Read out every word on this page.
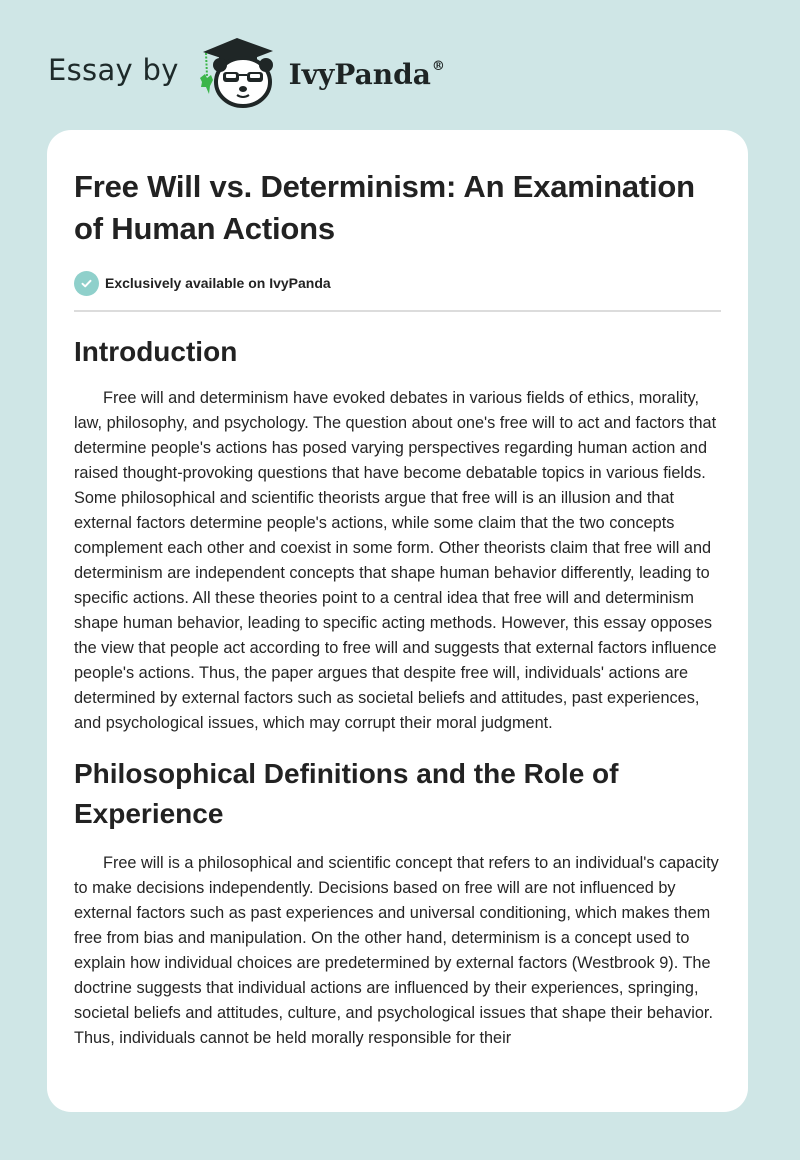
Essay by	IvyPanda®
Free Will vs. Determinism: An Examination of Human Actions
Exclusively available on IvyPanda
Introduction

Free will and determinism have evoked debates in various fields of ethics, morality, law, philosophy, and psychology. The question about one's free will to act and factors that determine people's actions has posed varying perspectives regarding human action and raised thought-provoking questions that have become debatable topics in various fields. Some philosophical and scientific theorists argue that free will is an illusion and that external factors determine people's actions, while some claim that the two concepts complement each other and coexist in some form. Other theorists claim that free will and determinism are independent concepts that shape human behavior differently, leading to specific actions. All these theories point to a central idea that free will and determinism shape human behavior, leading to specific acting methods. However, this essay opposes the view that people act according to free will and suggests that external factors influence people's actions. Thus, the paper argues that despite free will, individuals' actions are determined by external factors such as societal beliefs and attitudes, past experiences, and psychological issues, which may corrupt their moral judgment.

Philosophical Definitions and the Role of Experience

Free will is a philosophical and scientific concept that refers to an individual's capacity to make decisions independently. Decisions based on free will are not influenced by external factors such as past experiences and universal conditioning, which makes them free from bias and manipulation. On the other hand, determinism is a concept used to explain how individual choices are predetermined by external factors (Westbrook 9). The doctrine suggests that individual actions are influenced by their experiences, springing, societal beliefs and attitudes, culture, and psychological issues that shape their behavior. Thus, individuals cannot be held morally responsible for their
